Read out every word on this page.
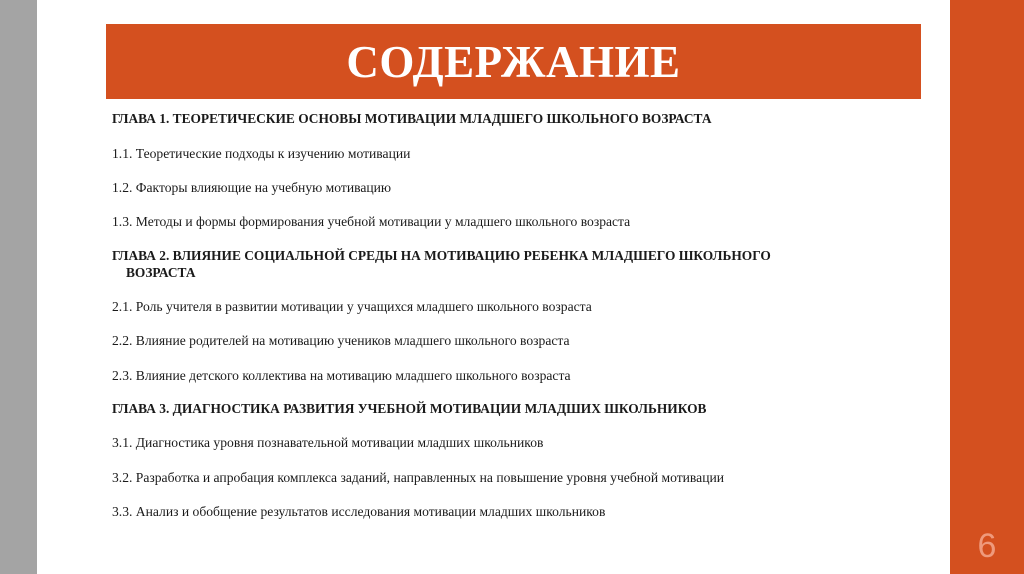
6
СОДЕРЖАНИЕ
ГЛАВА 1. ТЕОРЕТИЧЕСКИЕ ОСНОВЫ МОТИВАЦИИ МЛАДШЕГО ШКОЛЬНОГО ВОЗРАСТА
1.1. Теоретические подходы к изучению мотивации
1.2. Факторы влияющие на учебную мотивацию
1.3. Методы и формы формирования учебной мотивации у младшего школьного возраста
ГЛАВА 2. ВЛИЯНИЕ СОЦИАЛЬНОЙ СРЕДЫ НА МОТИВАЦИЮ РЕБЕНКА МЛАДШЕГО ШКОЛЬНОГО
ВОЗРАСТА
2.1. Роль учителя в развитии мотивации у учащихся младшего школьного возраста
2.2. Влияние родителей на мотивацию учеников младшего школьного возраста
2.3. Влияние детского коллектива на мотивацию младшего школьного возраста
ГЛАВА 3. ДИАГНОСТИКА РАЗВИТИЯ УЧЕБНОЙ МОТИВАЦИИ МЛАДШИХ ШКОЛЬНИКОВ
3.1. Диагностика уровня познавательной мотивации младших школьников
3.2. Разработка и апробация комплекса заданий, направленных на повышение уровня учебной мотивации
3.3. Анализ и обобщение результатов исследования мотивации младших школьников
